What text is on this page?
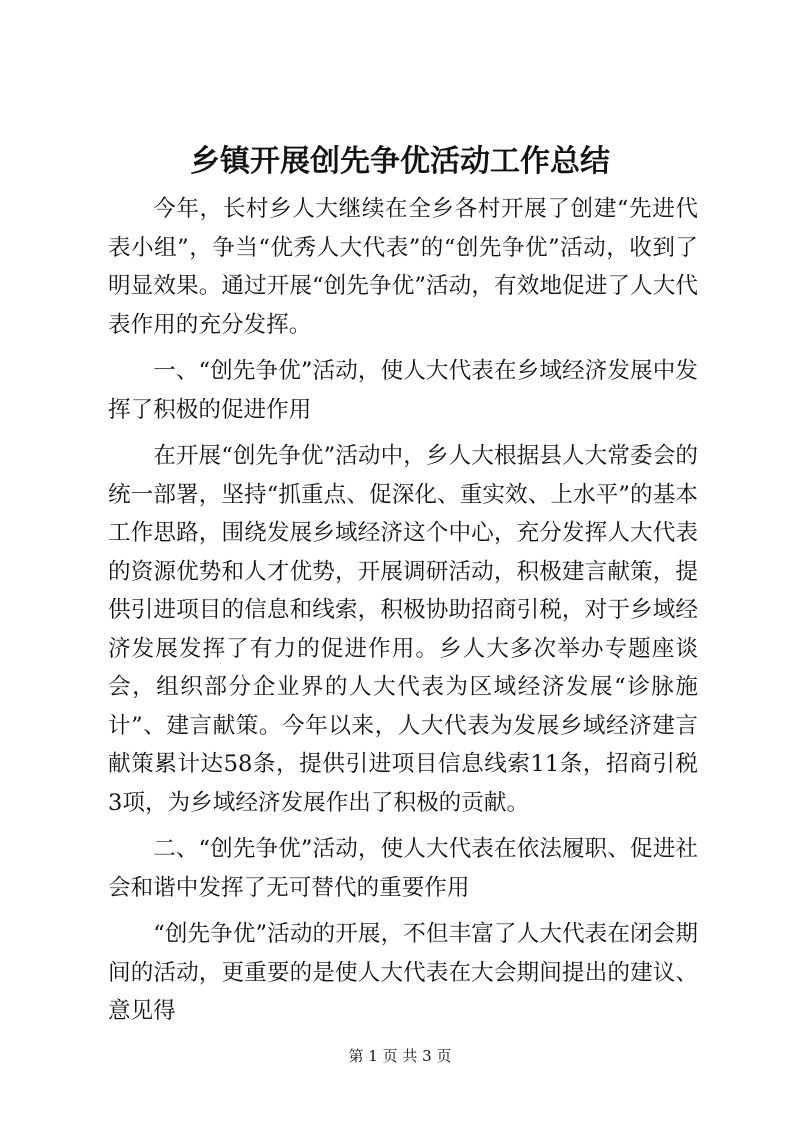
乡镇开展创先争优活动工作总结

今年，长村乡人大继续在全乡各村开展了创建“先进代表小组”，争当“优秀人大代表”的“创先争优”活动，收到了明显效果。通过开展“创先争优”活动，有效地促进了人大代表作用的充分发挥。

一、“创先争优”活动，使人大代表在乡域经济发展中发挥了积极的促进作用

在开展“创先争优”活动中，乡人大根据县人大常委会的统一部署，坚持“抓重点、促深化、重实效、上水平”的基本工作思路，围绕发展乡域经济这个中心，充分发挥人大代表的资源优势和人才优势，开展调研活动，积极建言献策，提供引进项目的信息和线索，积极协助招商引税，对于乡域经济发展发挥了有力的促进作用。乡人大多次举办专题座谈会，组织部分企业界的人大代表为区域经济发展“诊脉施计”、建言献策。今年以来，人大代表为发展乡域经济建言献策累计达58条，提供引进项目信息线索11条，招商引税3项，为乡域经济发展作出了积极的贡献。

二、“创先争优”活动，使人大代表在依法履职、促进社会和谐中发挥了无可替代的重要作用

“创先争优”活动的开展，不但丰富了人大代表在闭会期间的活动，更重要的是使人大代表在大会期间提出的建议、意见得

第 1 页 共 3 页
